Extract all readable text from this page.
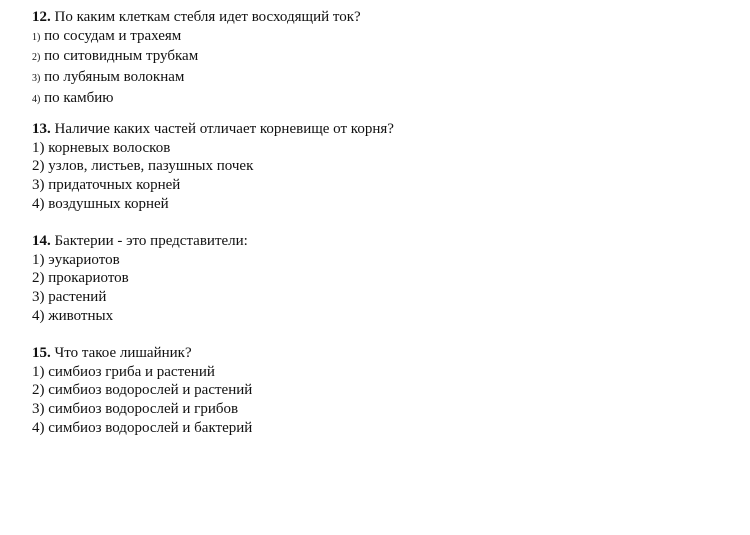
12. По каким клеткам стебля идет восходящий ток?
1) по сосудам и трахеям
2) по ситовидным трубкам
3) по лубяным волокнам
4) по камбию
13. Наличие каких частей отличает корневище от корня?
1) корневых волосков
2) узлов, листьев, пазушных почек
3) придаточных корней
4) воздушных корней
14. Бактерии - это представители:
1) эукариотов
2) прокариотов
3) растений
4) животных
15. Что такое лишайник?
1) симбиоз гриба и растений
2) симбиоз водорослей и растений
3) симбиоз водорослей и грибов
4) симбиоз водорослей и бактерий
